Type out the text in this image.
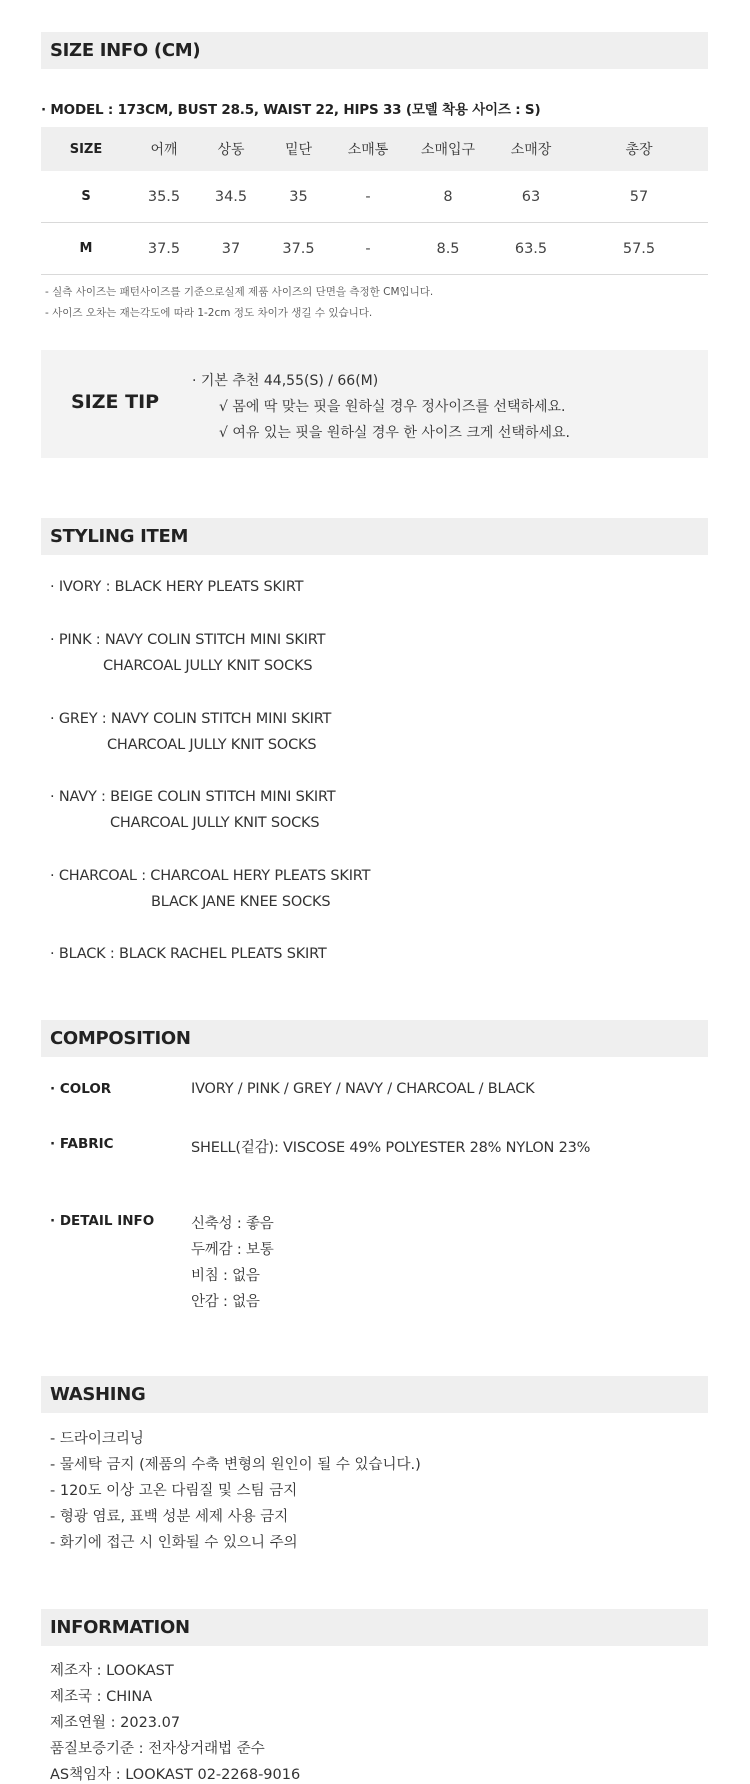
SIZE INFO (CM)
· MODEL : 173CM, BUST 28.5, WAIST 22, HIPS 33 (모델 착용 사이즈 : S)
SIZE	어깨	상동	밑단	소매통	소매입구	소매장	총장
S	35.5	34.5	35	-	8	63	57
M	37.5	37	37.5	-	8.5	63.5	57.5
- 실측 사이즈는 패턴사이즈를 기준으로실제 제품 사이즈의 단면을 측정한 CM입니다.
- 사이즈 오차는 재는각도에 따라 1-2cm 정도 차이가 생길 수 있습니다.
SIZE TIP
· 기본 추천 44,55(S) / 66(M)
√ 몸에 딱 맞는 핏을 원하실 경우 정사이즈를 선택하세요.
√ 여유 있는 핏을 원하실 경우 한 사이즈 크게 선택하세요.
STYLING ITEM
· IVORY : BLACK HERY PLEATS SKIRT
· PINK : NAVY COLIN STITCH MINI SKIRT
CHARCOAL JULLY KNIT SOCKS
· GREY : NAVY COLIN STITCH MINI SKIRT
CHARCOAL JULLY KNIT SOCKS
· NAVY : BEIGE COLIN STITCH MINI SKIRT
CHARCOAL JULLY KNIT SOCKS
· CHARCOAL : CHARCOAL HERY PLEATS SKIRT
BLACK JANE KNEE SOCKS
· BLACK : BLACK RACHEL PLEATS SKIRT
COMPOSITION
· COLOR	IVORY / PINK / GREY / NAVY / CHARCOAL / BLACK
· FABRIC	SHELL(겉감): VISCOSE 49% POLYESTER 28% NYLON 23%
· DETAIL INFO	신축성 : 좋음
두께감 : 보통
비침 : 없음
안감 : 없음
WASHING
- 드라이크리닝
- 물세탁 금지 (제품의 수축 변형의 원인이 될 수 있습니다.)
- 120도 이상 고온 다림질 및 스팀 금지
- 형광 염료, 표백 성분 세제 사용 금지
- 화기에 접근 시 인화될 수 있으니 주의
INFORMATION
제조자 : LOOKAST
제조국 : CHINA
제조연월 : 2023.07
품질보증기준 : 전자상거래법 준수
AS책임자 : LOOKAST 02-2268-9016
